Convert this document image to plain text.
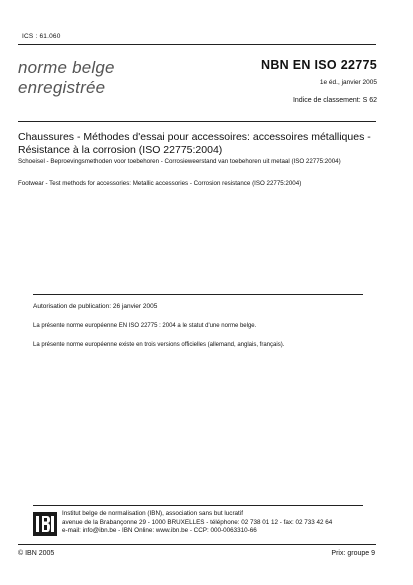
ICS : 61.060
norme belge
enregistrée
NBN EN ISO 22775
1e éd., janvier 2005
Indice de classement: S 62
Chaussures - Méthodes d'essai pour accessoires: accessoires métalliques - Résistance à la corrosion (ISO 22775:2004)
Schoeisel - Beproevingsmethoden voor toebehoren - Corrosieweerstand van toebehoren uit metaal (ISO 22775:2004)
Footwear - Test methods for accessories: Metallic accessories - Corrosion resistance (ISO 22775:2004)
Autorisation de publication: 26 janvier 2005
La présente norme européenne EN ISO 22775 : 2004 a le statut d'une norme belge.
La présente norme européenne existe en trois versions officielles (allemand, anglais, français).
Institut belge de normalisation (IBN), association sans but lucratif
avenue de la Brabançonne 29 - 1000 BRUXELLES - téléphone: 02 738 01 12 - fax: 02 733 42 64
e-mail: info@ibn.be - IBN Online: www.ibn.be - CCP: 000-0063310-66
© IBN 2005	Prix: groupe 9
